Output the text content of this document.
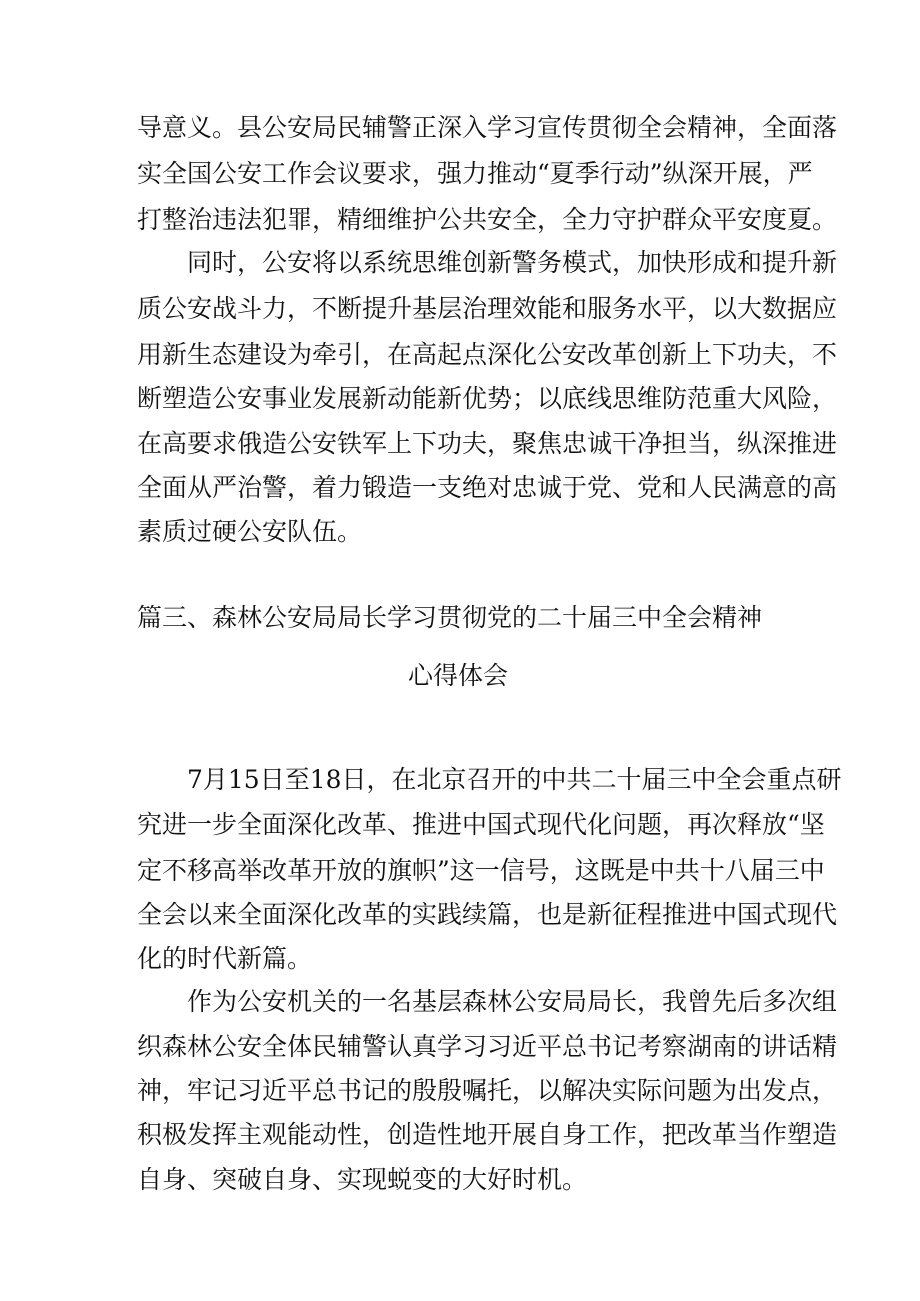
导意义。县公安局民辅警正深入学习宣传贯彻全会精神，全面落
实全国公安工作会议要求，强力推动“夏季行动”纵深开展，严
打整治违法犯罪，精细维护公共安全，全力守护群众平安度夏。
同时，公安将以系统思维创新警务模式，加快形成和提升新
质公安战斗力，不断提升基层治理效能和服务水平，以大数据应
用新生态建设为牵引，在高起点深化公安改革创新上下功夫，不
断塑造公安事业发展新动能新优势；以底线思维防范重大风险，
在高要求俄造公安铁军上下功夫，聚焦忠诚干净担当，纵深推进
全面从严治警，着力锻造一支绝对忠诚于党、党和人民满意的高
素质过硬公安队伍。
篇三、森林公安局局长学习贯彻党的二十届三中全会精神
心得体会
7月15日至18日，在北京召开的中共二十届三中全会重点研
究进一步全面深化改革、推进中国式现代化问题，再次释放“坚
定不移高举改革开放的旗帜”这一信号，这既是中共十八届三中
全会以来全面深化改革的实践续篇，也是新征程推进中国式现代
化的时代新篇。
作为公安机关的一名基层森林公安局局长，我曾先后多次组
织森林公安全体民辅警认真学习习近平总书记考察湖南的讲话精
神，牢记习近平总书记的殷殷嘱托，以解决实际问题为出发点，
积极发挥主观能动性，创造性地开展自身工作，把改革当作塑造
自身、突破自身、实现蜕变的大好时机。
